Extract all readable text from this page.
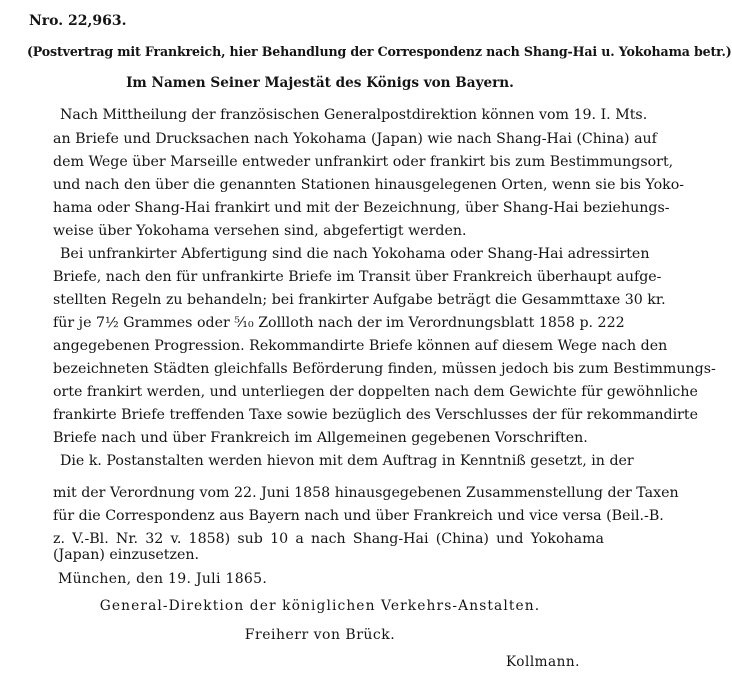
Nro. 22,963.
(Postvertrag mit Frankreich, hier Behandlung der Correspondenz nach Shang-Hai u. Yokohama betr.)
Im Namen Seiner Majestät des Königs von Bayern.
Nach Mittheilung der französischen Generalpostdirektion können vom 19. I. Mts.
an Briefe und Drucksachen nach Yokohama (Japan) wie nach Shang-Hai (China) auf
dem Wege über Marseille entweder unfrankirt oder frankirt bis zum Bestimmungsort,
und nach den über die genannten Stationen hinausgelegenen Orten, wenn sie bis Yoko-
hama oder Shang-Hai frankirt und mit der Bezeichnung, über Shang-Hai beziehungs-
weise über Yokohama versehen sind, abgefertigt werden.
Bei unfrankirter Abfertigung sind die nach Yokohama oder Shang-Hai adressirten
Briefe, nach den für unfrankirte Briefe im Transit über Frankreich überhaupt aufge-
stellten Regeln zu behandeln; bei frankirter Aufgabe beträgt die Gesammttaxe 30 kr.
für je 7½ Grammes oder ⁵⁄₁₀ Zollloth nach der im Verordnungsblatt 1858 p. 222
angegebenen Progression. Rekommandirte Briefe können auf diesem Wege nach den
bezeichneten Städten gleichfalls Beförderung finden, müssen jedoch bis zum Bestimmungs-
orte frankirt werden, und unterliegen der doppelten nach dem Gewichte für gewöhnliche
frankirte Briefe treffenden Taxe sowie bezüglich des Verschlusses der für rekommandirte
Briefe nach und über Frankreich im Allgemeinen gegebenen Vorschriften.
Die k. Postanstalten werden hievon mit dem Auftrag in Kenntniß gesetzt, in der
mit der Verordnung vom 22. Juni 1858 hinausgegebenen Zusammenstellung der Taxen
für die Correspondenz aus Bayern nach und über Frankreich und vice versa (Beil.-B.
z. V.-Bl. Nr. 32 v. 1858) sub 10 a nach Shang-Hai (China) und Yokohama
(Japan) einzusetzen.
München, den 19. Juli 1865.
General-Direktion der königlichen Verkehrs-Anstalten.
Freiherr von Brück.
Kollmann.
